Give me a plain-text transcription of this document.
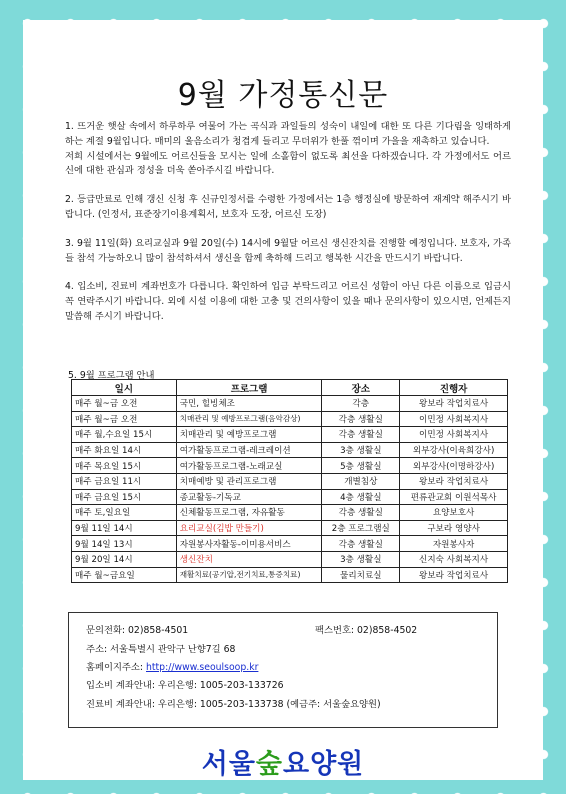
9월 가정통신문

1. 뜨거운 햇살 속에서 하루하루 여물어 가는 곡식과 과일들의 성숙이 내일에 대한 또 다른 기다림을 잉태하게 하는 계절 9월입니다. 매미의 울음소리가 청겹게 들리고 무더위가 한풀 꺾이며 가을을 재촉하고 있습니다.

저희 시설에서는 9월에도 어르신들을 모시는 일에 소홀함이 없도록 최선을 다하겠습니다. 각 가정에서도 어르신에 대한 관심과 정성을 더욱 쏟아주시길 바랍니다.

2. 등급만료로 인해 갱신 신청 후 신규인정서를 수령한 가정에서는 1층 행정실에 방문하여 재계약 해주시기 바랍니다. (인정서, 표준장기이용계획서, 보호자 도장, 어르신 도장)

3. 9월 11일(화) 요리교실과 9월 20일(수) 14시에 9월달 어르신 생신잔치를 진행할 예정입니다. 보호자, 가족들 참석 가능하오니 많이 참석하셔서 생신을 함께 축하해 드리고 행복한 시간을 만드시기 바랍니다.

4. 입소비, 진료비 계좌번호가 다릅니다. 확인하여 입금 부탁드리고 어르신 성함이 아닌 다른 이름으로 입금시 꼭 연락주시기 바랍니다. 외에 시설 이용에 대한 고충 및 건의사항이 있을 때나 문의사항이 있으시면, 언제든지 말씀해 주시기 바랍니다.

5. 9월 프로그램 안내
일시	프로그램	장소	진행자
매주 월~금 오전	국민, 힐빙체조	각층	왕보라 작업치료사
매주 월~금 오전	치매관리 및 예방프로그램(음악감상)	각층 생활실	이민정 사회복지사
매주 월,수요일 15시	치매관리 및 예방프로그램	각층 생활실	이민정 사회복지사
매주 화요일 14시	여가활동프로그램-레크레이션	3층 생활실	외부강사(이육희강사)
매주 목요일 15시	여가활동프로그램-노래교실	5층 생활실	외부강사(이명하강사)
매주 금요일 11시	치매예방 및 관리프로그램	개별침상	왕보라 작업치료사
매주 금요일 15시	종교활동-기독교	4층 생활실	편류관교회 이원석목사
매주 토,일요일	신체활동프로그램, 자유활동	각층 생활실	요양보호사
9월 11일 14시	요리교실(김밥 만들기)	2층 프로그램실	구보라 영양사
9월 14일 13시	자원봉사자활동-이미용서비스	각층 생활실	자원봉사자
9월 20일 14시	생신잔치	3층 생활실	신지숙 사회복지사
매주 월~금요일	재활치료(공기압,전기치료,통증치료)	물리치료실	왕보라 작업치료사
문의전화: 02)858-4501	팩스번호: 02)858-4502
주소: 서울특별시 관악구 난향7길 68
홈페이지주소: http://www.seoulsoop.kr
입소비 계좌안내: 우리은행: 1005-203-133726
진료비 계좌안내: 우리은행: 1005-203-133738 (예금주: 서울숲요양원)
서울숲요양원
